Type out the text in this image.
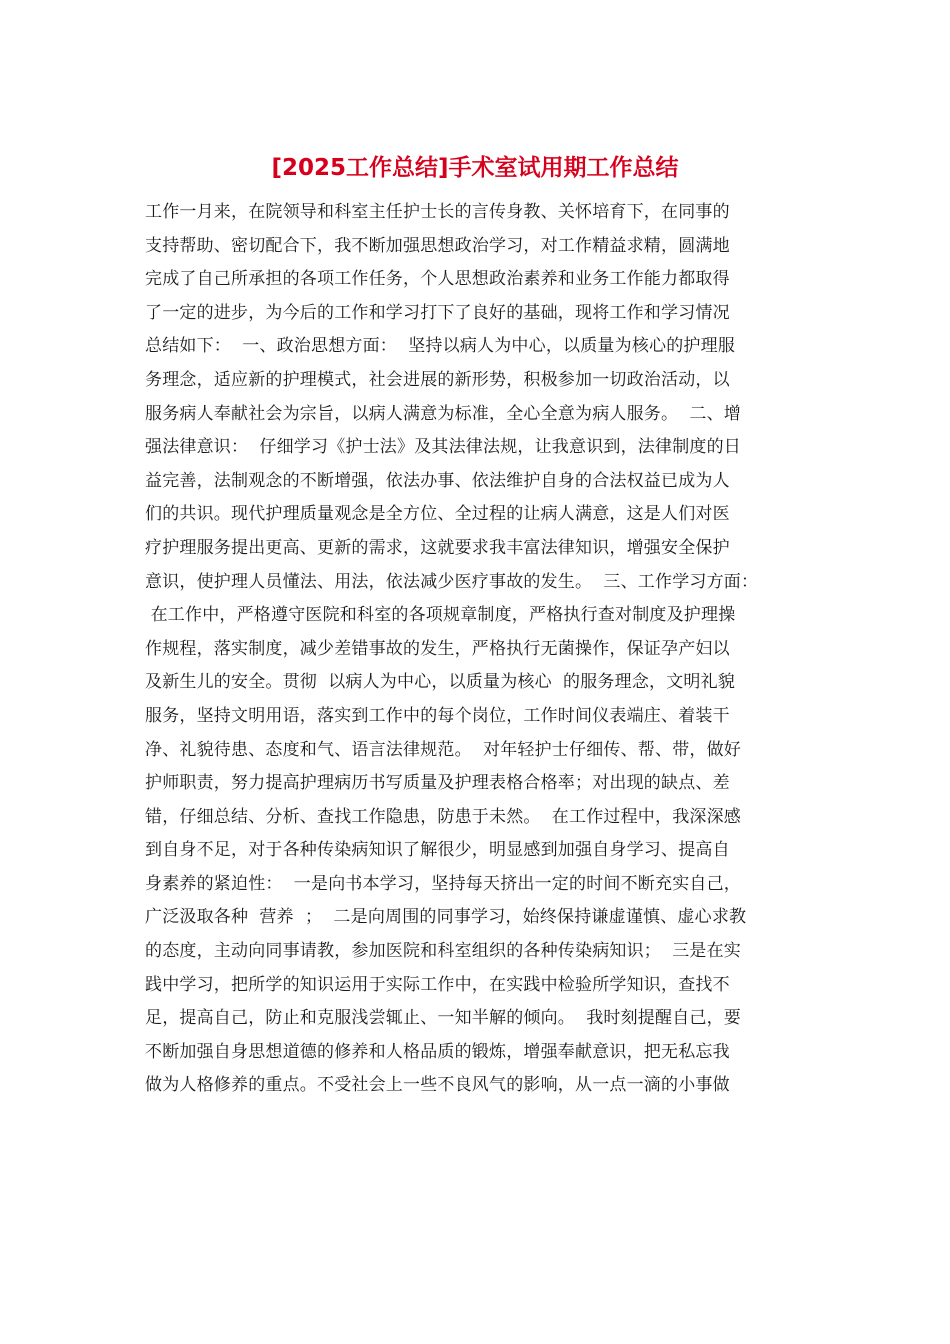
[2025工作总结]手术室试用期工作总结
工作一月来，在院领导和科室主任护士长的言传身教、关怀培育下，在同事的
支持帮助、密切配合下，我不断加强思想政治学习，对工作精益求精，圆满地
完成了自己所承担的各项工作任务，个人思想政治素养和业务工作能力都取得
了一定的进步，为今后的工作和学习打下了良好的基础，现将工作和学习情况
总结如下：  一、政治思想方面：  坚持以病人为中心，以质量为核心的护理服
务理念，适应新的护理模式，社会进展的新形势，积极参加一切政治活动，以
服务病人奉献社会为宗旨，以病人满意为标准，全心全意为病人服务。  二、增
强法律意识：  仔细学习《护士法》及其法律法规，让我意识到，法律制度的日
益完善，法制观念的不断增强，依法办事、依法维护自身的合法权益已成为人
们的共识。现代护理质量观念是全方位、全过程的让病人满意，这是人们对医
疗护理服务提出更高、更新的需求，这就要求我丰富法律知识，增强安全保护
意识，使护理人员懂法、用法，依法减少医疗事故的发生。  三、工作学习方面：
在工作中，严格遵守医院和科室的各项规章制度，严格执行查对制度及护理操
作规程，落实制度，减少差错事故的发生，严格执行无菌操作，保证孕产妇以
及新生儿的安全。贯彻  以病人为中心，以质量为核心  的服务理念，文明礼貌
服务，坚持文明用语，落实到工作中的每个岗位，工作时间仪表端庄、着装干
净、礼貌待患、态度和气、语言法律规范。  对年轻护士仔细传、帮、带，做好
护师职责，努力提高护理病历书写质量及护理表格合格率；对出现的缺点、差
错，仔细总结、分析、查找工作隐患，防患于未然。  在工作过程中，我深深感
到自身不足，对于各种传染病知识了解很少，明显感到加强自身学习、提高自
身素养的紧迫性：  一是向书本学习，坚持每天挤出一定的时间不断充实自己，
广泛汲取各种  营养  ；  二是向周围的同事学习，始终保持谦虚谨慎、虚心求教
的态度，主动向同事请教，参加医院和科室组织的各种传染病知识；  三是在实
践中学习，把所学的知识运用于实际工作中，在实践中检验所学知识，查找不
足，提高自己，防止和克服浅尝辄止、一知半解的倾向。  我时刻提醒自己，要
不断加强自身思想道德的修养和人格品质的锻炼，增强奉献意识，把无私忘我
做为人格修养的重点。不受社会上一些不良风气的影响，从一点一滴的小事做
